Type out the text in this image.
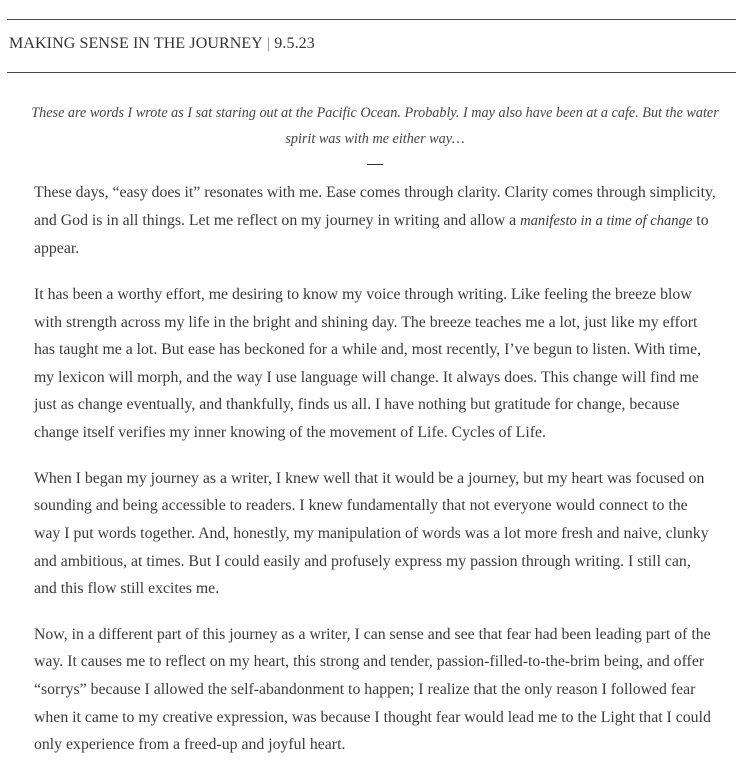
MAKING SENSE IN THE JOURNEY | 9.5.23
These are words I wrote as I sat staring out at the Pacific Ocean. Probably. I may also have been at a cafe. But the water spirit was with me either way…

These days, “easy does it” resonates with me. Ease comes through clarity. Clarity comes through simplicity, and God is in all things. Let me reflect on my journey in writing and allow a manifesto in a time of change to appear.

It has been a worthy effort, me desiring to know my voice through writing. Like feeling the breeze blow with strength across my life in the bright and shining day. The breeze teaches me a lot, just like my effort has taught me a lot. But ease has beckoned for a while and, most recently, I’ve begun to listen. With time, my lexicon will morph, and the way I use language will change. It always does. This change will find me just as change eventually, and thankfully, finds us all. I have nothing but gratitude for change, because change itself verifies my inner knowing of the movement of Life. Cycles of Life.

When I began my journey as a writer, I knew well that it would be a journey, but my heart was focused on sounding and being accessible to readers. I knew fundamentally that not everyone would connect to the way I put words together. And, honestly, my manipulation of words was a lot more fresh and naive, clunky and ambitious, at times. But I could easily and profusely express my passion through writing. I still can, and this flow still excites me.

Now, in a different part of this journey as a writer, I can sense and see that fear had been leading part of the way. It causes me to reflect on my heart, this strong and tender, passion-filled-to-the-brim being, and offer “sorrys” because I allowed the self-abandonment to happen; I realize that the only reason I followed fear when it came to my creative expression, was because I thought fear would lead me to the Light that I could only experience from a freed-up and joyful heart.
